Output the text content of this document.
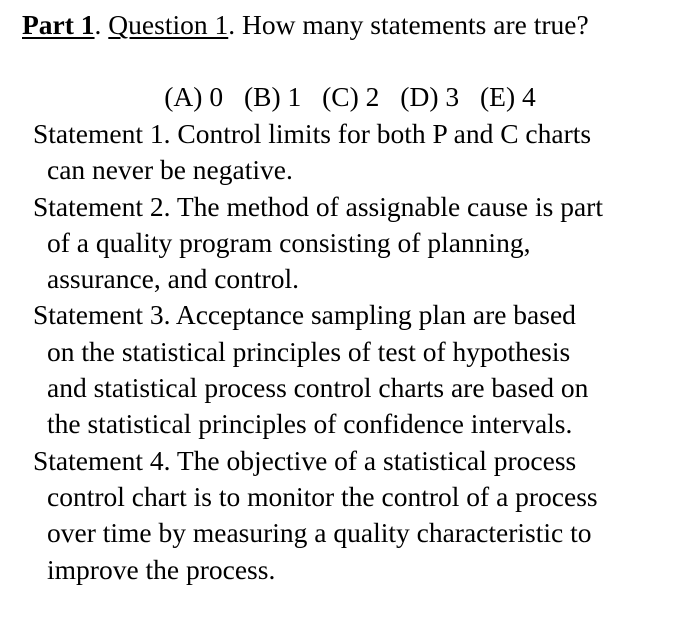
Part 1. Question 1. How many statements are true?
(A) 0 (B) 1 (C) 2 (D) 3 (E) 4
Statement 1. Control limits for both P and C charts
can never be negative.
Statement 2. The method of assignable cause is part
of a quality program consisting of planning,
assurance, and control.
Statement 3. Acceptance sampling plan are based
on the statistical principles of test of hypothesis
and statistical process control charts are based on
the statistical principles of confidence intervals.
Statement 4. The objective of a statistical process
control chart is to monitor the control of a process
over time by measuring a quality characteristic to
improve the process.
